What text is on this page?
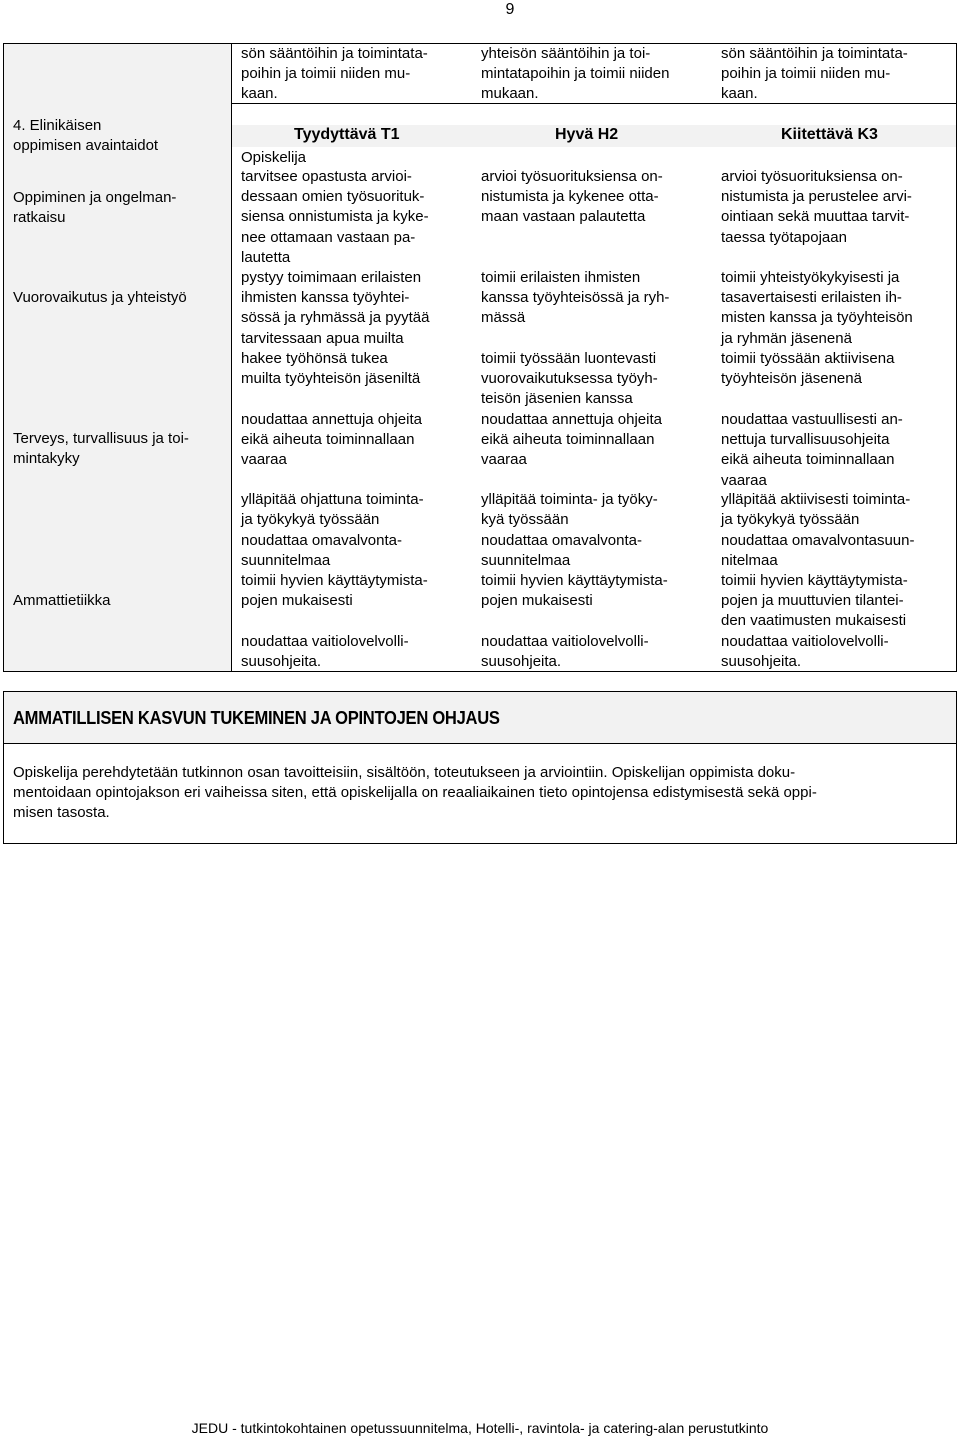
9
sön sääntöihin ja toimintata-
poihin ja toimii niiden mu-
kaan.
yhteisön sääntöihin ja toi-
mintatapoihin ja toimii niiden
mukaan.
sön sääntöihin ja toimintata-
poihin ja toimii niiden mu-
kaan.
4. Elinikäisen
oppimisen avaintaidot
Oppiminen ja ongelman-
ratkaisu
Vuorovaikutus ja yhteistyö
Terveys, turvallisuus ja toi-
mintakyky
Ammattietiikka
Tyydyttävä T1	Hyvä H2	Kiitettävä K3
Opiskelija
tarvitsee opastusta arvioi-
dessaan omien työsuorituk-
siensa onnistumista ja kyke-
nee ottamaan vastaan pa-
lautetta
arvioi työsuorituksiensa on-
nistumista ja kykenee otta-
maan vastaan palautetta
arvioi työsuorituksiensa on-
nistumista ja perustelee arvi-
ointiaan sekä muuttaa tarvit-
taessa työtapojaan
pystyy toimimaan erilaisten
ihmisten kanssa työyhtei-
sössä ja ryhmässä ja pyytää
tarvitessaan apua muilta
toimii erilaisten ihmisten
kanssa työyhteisössä ja ryh-
mässä
toimii yhteistyökykyisesti ja
tasavertaisesti erilaisten ih-
misten kanssa ja työyhteisön
ja ryhmän jäsenenä
hakee työhönsä tukea
muilta työyhteisön jäseniltä
toimii työssään luontevasti
vuorovaikutuksessa työyh-
teisön jäsenien kanssa
toimii työssään aktiivisena
työyhteisön jäsenenä
noudattaa annettuja ohjeita
eikä aiheuta toiminnallaan
vaaraa
noudattaa annettuja ohjeita
eikä aiheuta toiminnallaan
vaaraa
noudattaa vastuullisesti an-
nettuja turvallisuusohjeita
eikä aiheuta toiminnallaan
vaaraa
ylläpitää ohjattuna toiminta-
ja työkykyä työssään
ylläpitää toiminta- ja työky-
kyä työssään
ylläpitää aktiivisesti toiminta-
ja työkykyä työssään
noudattaa omavalvonta-
suunnitelmaa
noudattaa omavalvonta-
suunnitelmaa
noudattaa omavalvontasuun-
nitelmaa
toimii hyvien käyttäytymista-
pojen mukaisesti
toimii hyvien käyttäytymista-
pojen mukaisesti
toimii hyvien käyttäytymista-
pojen ja muuttuvien tilantei-
den vaatimusten mukaisesti
noudattaa vaitiolovelvolli-
suusohjeita.
noudattaa vaitiolovelvolli-
suusohjeita.
noudattaa vaitiolovelvolli-
suusohjeita.
AMMATILLISEN KASVUN TUKEMINEN JA OPINTOJEN OHJAUS
Opiskelija perehdytetään tutkinnon osan tavoitteisiin, sisältöön, toteutukseen ja arviointiin. Opiskelijan oppimista doku-
mentoidaan opintojakson eri vaiheissa siten, että opiskelijalla on reaaliaikainen tieto opintojensa edistymisestä sekä oppi-
misen tasosta.
JEDU - tutkintokohtainen opetussuunnitelma, Hotelli-, ravintola- ja catering-alan perustutkinto
